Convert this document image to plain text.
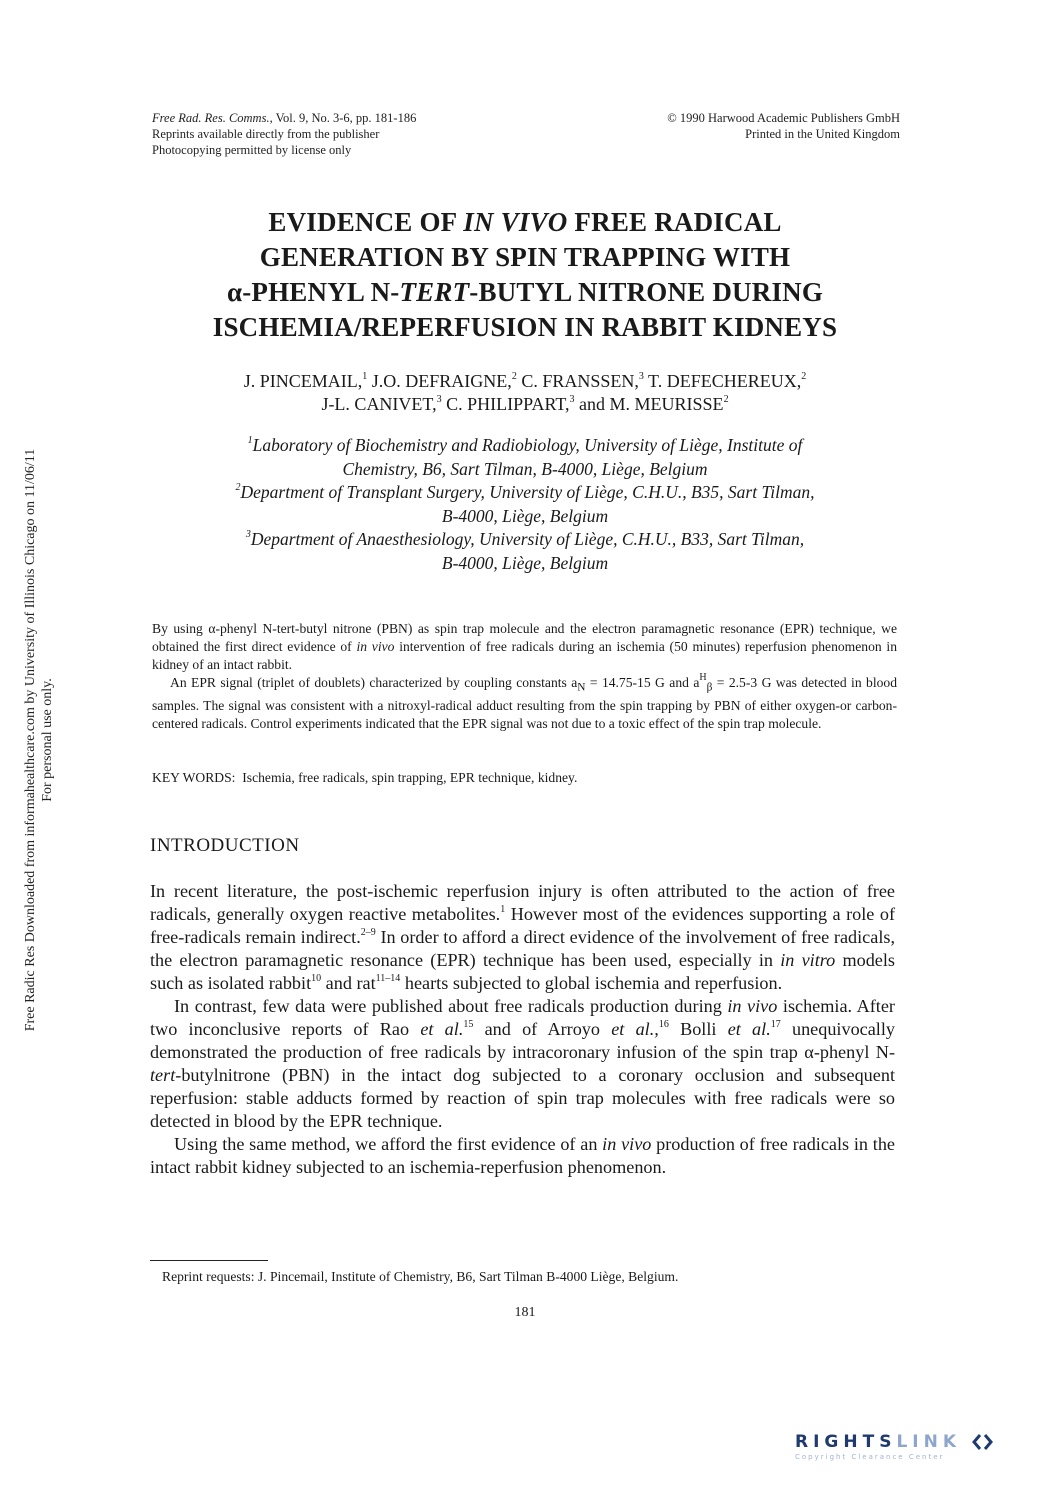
Free Rad. Res. Comms., Vol. 9, No. 3-6, pp. 181-186
Reprints available directly from the publisher
Photocopying permitted by license only
© 1990 Harwood Academic Publishers GmbH
Printed in the United Kingdom
EVIDENCE OF IN VIVO FREE RADICAL
GENERATION BY SPIN TRAPPING WITH
α-PHENYL N-TERT-BUTYL NITRONE DURING
ISCHEMIA/REPERFUSION IN RABBIT KIDNEYS
J. PINCEMAIL,$^1$ J.O. DEFRAIGNE,$^2$ C. FRANSSEN,$^3$ T. DEFECHEREUX,$^2$
J-L. CANIVET,$^3$ C. PHILIPPART,$^3$ and M. MEURISSE$^2$
$^1$Laboratory of Biochemistry and Radiobiology, University of Liège, Institute of
Chemistry, B6, Sart Tilman, B-4000, Liège, Belgium
$^2$Department of Transplant Surgery, University of Liège, C.H.U., B35, Sart Tilman,
B-4000, Liège, Belgium
$^3$Department of Anaesthesiology, University of Liège, C.H.U., B33, Sart Tilman,
B-4000, Liège, Belgium

By using α-phenyl N-tert-butyl nitrone (PBN) as spin trap molecule and the electron paramagnetic resonance (EPR) technique, we obtained the first direct evidence of in vivo intervention of free radicals during an ischemia (50 minutes) reperfusion phenomenon in kidney of an intact rabbit.

An EPR signal (triplet of doublets) characterized by coupling constants $a_N = 14.75-15$ G and $a^H_\beta = 2.5-3$ G was detected in blood samples. The signal was consistent with a nitroxyl-radical adduct resulting from the spin trapping by PBN of either oxygen-or carbon-centered radicals. Control experiments indicated that the EPR signal was not due to a toxic effect of the spin trap molecule.

KEY WORDS: Ischemia, free radicals, spin trapping, EPR technique, kidney.
INTRODUCTION

In recent literature, the post-ischemic reperfusion injury is often attributed to the action of free radicals, generally oxygen reactive metabolites.$^1$ However most of the evidences supporting a role of free-radicals remain indirect.$^{2-9}$ In order to afford a direct evidence of the involvement of free radicals, the electron paramagnetic resonance (EPR) technique has been used, especially in in vitro models such as isolated rabbit$^{10}$ and rat$^{11-14}$ hearts subjected to global ischemia and reperfusion.

In contrast, few data were published about free radicals production during in vivo ischemia. After two inconclusive reports of Rao et al.$^{15}$ and of Arroyo et al.,$^{16}$ Bolli et al.$^{17}$ unequivocally demonstrated the production of free radicals by intracoronary infusion of the spin trap α-phenyl N-tert-butylnitrone (PBN) in the intact dog subjected to a coronary occlusion and subsequent reperfusion: stable adducts formed by reaction of spin trap molecules with free radicals were so detected in blood by the EPR technique.

Using the same method, we afford the first evidence of an in vivo production of free radicals in the intact rabbit kidney subjected to an ischemia-reperfusion phenomenon.

Reprint requests: J. Pincemail, Institute of Chemistry, B6, Sart Tilman B-4000 Liège, Belgium.
181
Free Radic Res Downloaded from informahealthcare.com by University of Illinois Chicago on 11/06/11 For personal use only.
RIGHTSLINK
Copyright Clearance Center
